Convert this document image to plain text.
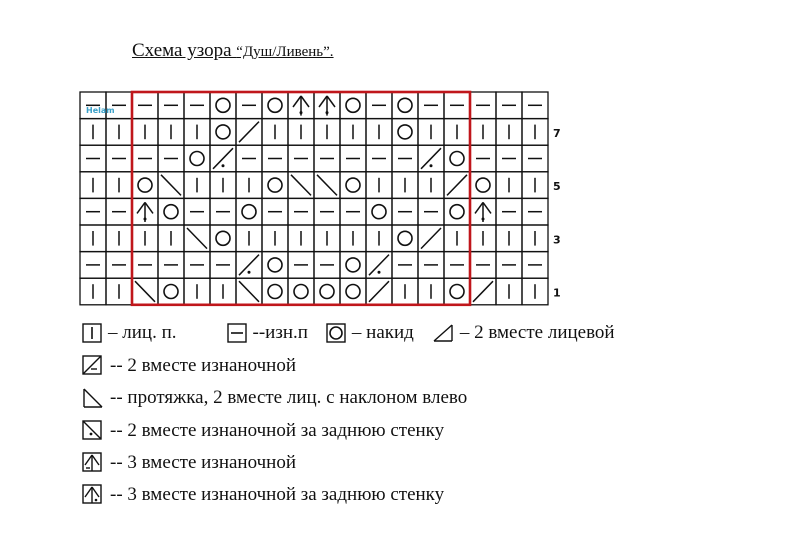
Схема узора “Душ/Ливень”.
7
5
3
1
Helam
– лиц. п.	--изн.п – накид – 2 вместе лицевой
-- 2 вместе изнаночной
-- протяжка, 2 вместе лиц. с наклоном влево
-- 2 вместе изнаночной за заднюю стенку
-- 3 вместе изнаночной
-- 3 вместе изнаночной за заднюю стенку
